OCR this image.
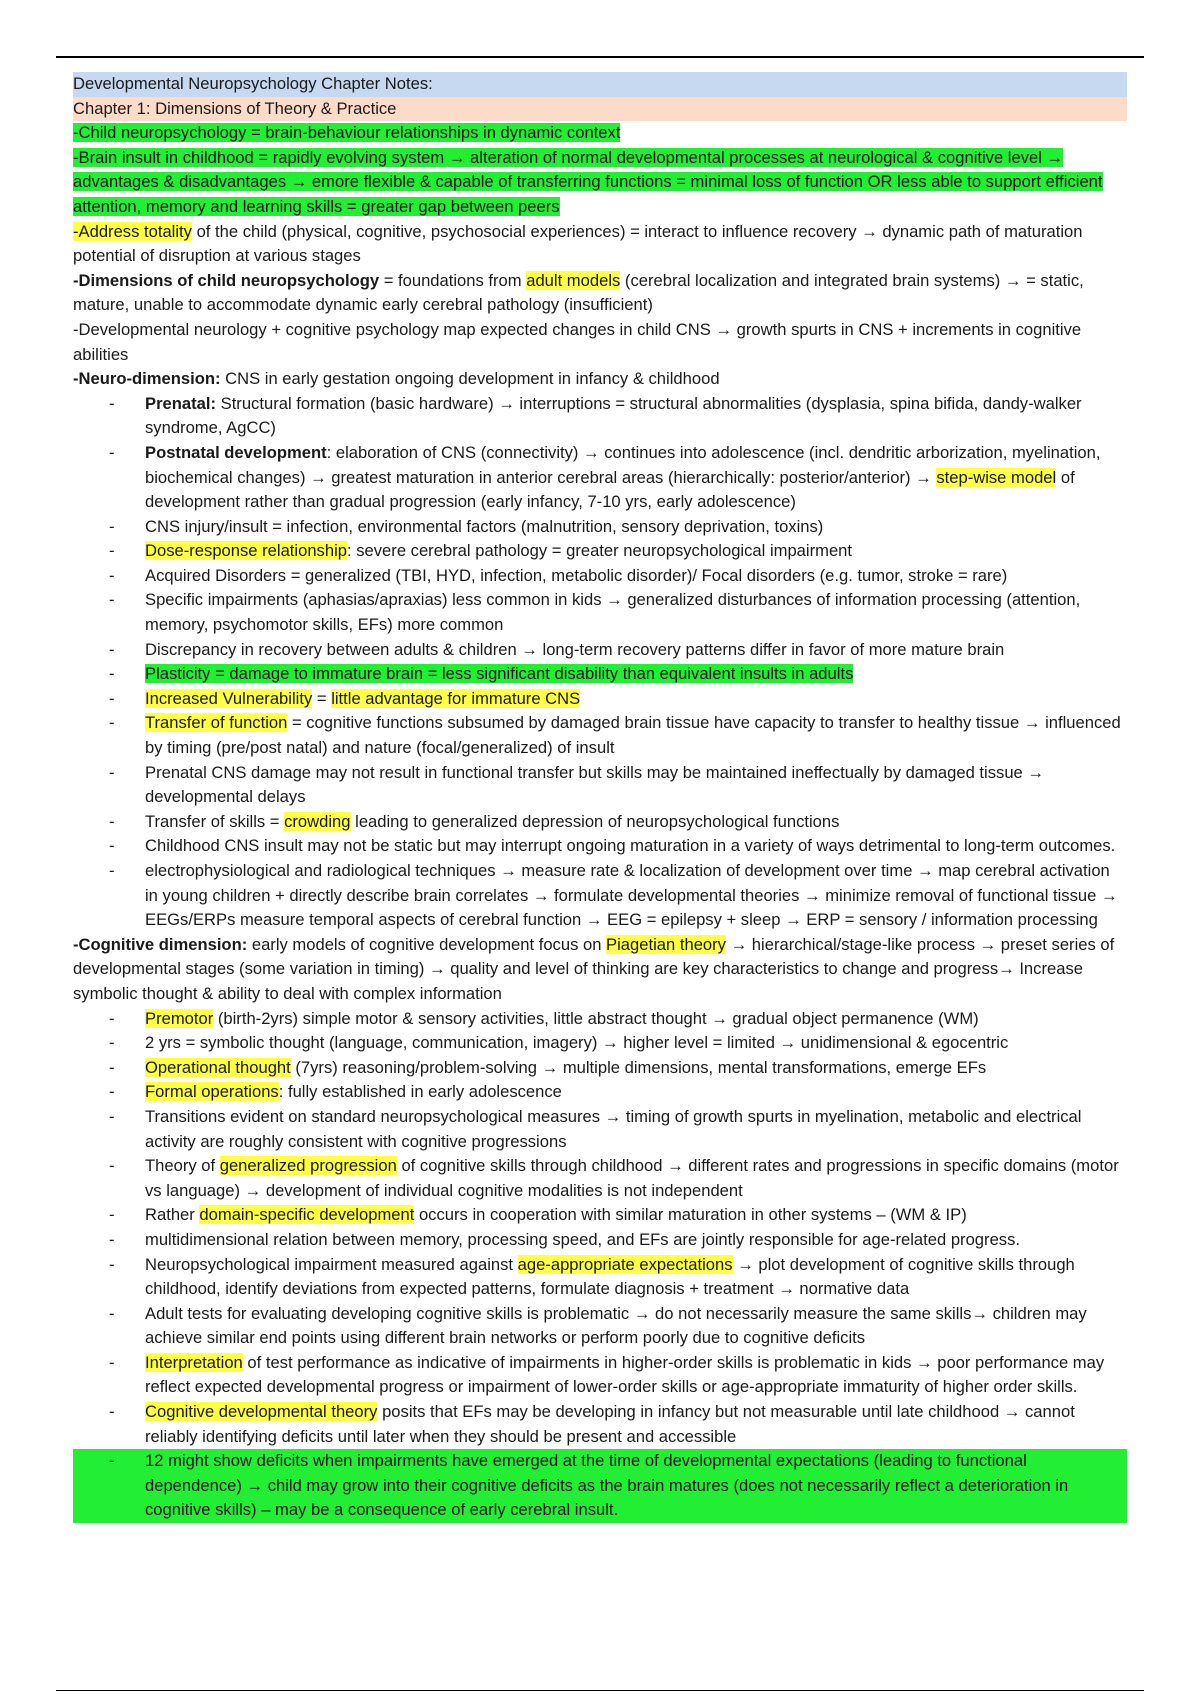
Developmental Neuropsychology Chapter Notes:

Chapter 1: Dimensions of Theory & Practice

-Child neuropsychology = brain-behaviour relationships in dynamic context

-Brain insult in childhood = rapidly evolving system → alteration of normal developmental processes at neurological & cognitive level → advantages & disadvantages → emore flexible & capable of transferring functions = minimal loss of function OR less able to support efficient attention, memory and learning skills = greater gap between peers

-Address totality of the child (physical, cognitive, psychosocial experiences) = interact to influence recovery → dynamic path of maturation potential of disruption at various stages

-Dimensions of child neuropsychology = foundations from adult models (cerebral localization and integrated brain systems) → = static, mature, unable to accommodate dynamic early cerebral pathology (insufficient)

-Developmental neurology + cognitive psychology map expected changes in child CNS → growth spurts in CNS + increments in cognitive abilities

-Neuro-dimension: CNS in early gestation ongoing development in infancy & childhood

- Prenatal: Structural formation (basic hardware) → interruptions = structural abnormalities (dysplasia, spina bifida, dandy-walker syndrome, AgCC)
- Postnatal development: elaboration of CNS (connectivity) → continues into adolescence (incl. dendritic arborization, myelination, biochemical changes) → greatest maturation in anterior cerebral areas (hierarchically: posterior/anterior) → step-wise model of development rather than gradual progression (early infancy, 7-10 yrs, early adolescence)
- CNS injury/insult = infection, environmental factors (malnutrition, sensory deprivation, toxins)
- Dose-response relationship: severe cerebral pathology = greater neuropsychological impairment
- Acquired Disorders = generalized (TBI, HYD, infection, metabolic disorder)/ Focal disorders (e.g. tumor, stroke = rare)
- Specific impairments (aphasias/apraxias) less common in kids → generalized disturbances of information processing (attention, memory, psychomotor skills, EFs) more common
- Discrepancy in recovery between adults & children → long-term recovery patterns differ in favor of more mature brain
- Plasticity = damage to immature brain = less significant disability than equivalent insults in adults
- Increased Vulnerability = little advantage for immature CNS
- Transfer of function = cognitive functions subsumed by damaged brain tissue have capacity to transfer to healthy tissue → influenced by timing (pre/post natal) and nature (focal/generalized) of insult
- Prenatal CNS damage may not result in functional transfer but skills may be maintained ineffectually by damaged tissue → developmental delays
- Transfer of skills = crowding leading to generalized depression of neuropsychological functions
- Childhood CNS insult may not be static but may interrupt ongoing maturation in a variety of ways detrimental to long-term outcomes.
- electrophysiological and radiological techniques → measure rate & localization of development over time → map cerebral activation in young children + directly describe brain correlates → formulate developmental theories → minimize removal of functional tissue → EEGs/ERPs measure temporal aspects of cerebral function → EEG = epilepsy + sleep → ERP = sensory / information processing

-Cognitive dimension: early models of cognitive development focus on Piagetian theory → hierarchical/stage-like process → preset series of developmental stages (some variation in timing) → quality and level of thinking are key characteristics to change and progress→ Increase symbolic thought & ability to deal with complex information

- Premotor (birth-2yrs) simple motor & sensory activities, little abstract thought → gradual object permanence (WM)
- 2 yrs = symbolic thought (language, communication, imagery) → higher level = limited → unidimensional & egocentric
- Operational thought (7yrs) reasoning/problem-solving → multiple dimensions, mental transformations, emerge EFs
- Formal operations: fully established in early adolescence
- Transitions evident on standard neuropsychological measures → timing of growth spurts in myelination, metabolic and electrical activity are roughly consistent with cognitive progressions
- Theory of generalized progression of cognitive skills through childhood → different rates and progressions in specific domains (motor vs language) → development of individual cognitive modalities is not independent
- Rather domain-specific development occurs in cooperation with similar maturation in other systems – (WM & IP)
- multidimensional relation between memory, processing speed, and EFs are jointly responsible for age-related progress.
- Neuropsychological impairment measured against age-appropriate expectations → plot development of cognitive skills through childhood, identify deviations from expected patterns, formulate diagnosis + treatment → normative data
- Adult tests for evaluating developing cognitive skills is problematic → do not necessarily measure the same skills→ children may achieve similar end points using different brain networks or perform poorly due to cognitive deficits
- Interpretation of test performance as indicative of impairments in higher-order skills is problematic in kids → poor performance may reflect expected developmental progress or impairment of lower-order skills or age-appropriate immaturity of higher order skills.
- Cognitive developmental theory posits that EFs may be developing in infancy but not measurable until late childhood → cannot reliably identifying deficits until later when they should be present and accessible
- 12 might show deficits when impairments have emerged at the time of developmental expectations (leading to functional dependence) → child may grow into their cognitive deficits as the brain matures (does not necessarily reflect a deterioration in cognitive skills) – may be a consequence of early cerebral insult.
